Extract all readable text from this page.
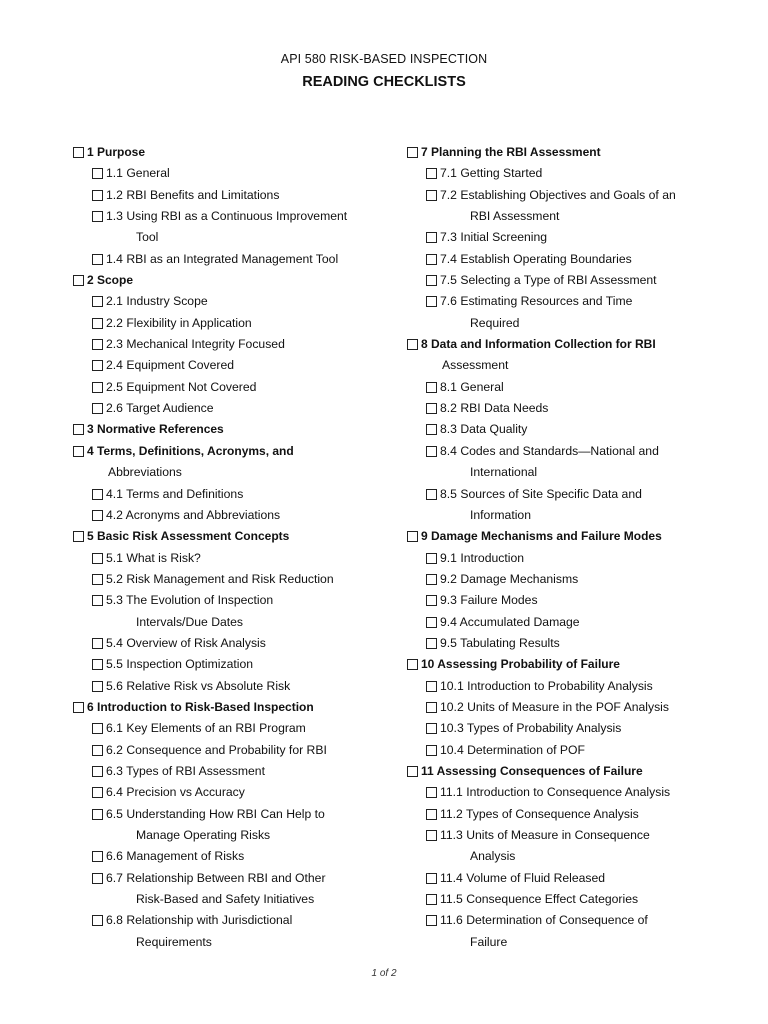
API 580 RISK-BASED INSPECTION
READING CHECKLISTS
1 Purpose
1.1 General
1.2 RBI Benefits and Limitations
1.3 Using RBI as a Continuous Improvement
Tool
1.4 RBI as an Integrated Management Tool
2 Scope
2.1 Industry Scope
2.2 Flexibility in Application
2.3 Mechanical Integrity Focused
2.4 Equipment Covered
2.5 Equipment Not Covered
2.6 Target Audience
3 Normative References
4 Terms, Definitions, Acronyms, and
Abbreviations
4.1 Terms and Definitions
4.2 Acronyms and Abbreviations
5 Basic Risk Assessment Concepts
5.1 What is Risk?
5.2 Risk Management and Risk Reduction
5.3 The Evolution of Inspection
Intervals/Due Dates
5.4 Overview of Risk Analysis
5.5 Inspection Optimization
5.6 Relative Risk vs Absolute Risk
6 Introduction to Risk-Based Inspection
6.1 Key Elements of an RBI Program
6.2 Consequence and Probability for RBI
6.3 Types of RBI Assessment
6.4 Precision vs Accuracy
6.5 Understanding How RBI Can Help to
Manage Operating Risks
6.6 Management of Risks
6.7 Relationship Between RBI and Other
Risk-Based and Safety Initiatives
6.8 Relationship with Jurisdictional
Requirements
7 Planning the RBI Assessment
7.1 Getting Started
7.2 Establishing Objectives and Goals of an
RBI Assessment
7.3 Initial Screening
7.4 Establish Operating Boundaries
7.5 Selecting a Type of RBI Assessment
7.6 Estimating Resources and Time
Required
8 Data and Information Collection for RBI
Assessment
8.1 General
8.2 RBI Data Needs
8.3 Data Quality
8.4 Codes and Standards—National and
International
8.5 Sources of Site Specific Data and
Information
9 Damage Mechanisms and Failure Modes
9.1 Introduction
9.2 Damage Mechanisms
9.3 Failure Modes
9.4 Accumulated Damage
9.5 Tabulating Results
10 Assessing Probability of Failure
10.1 Introduction to Probability Analysis
10.2 Units of Measure in the POF Analysis
10.3 Types of Probability Analysis
10.4 Determination of POF
11 Assessing Consequences of Failure
11.1 Introduction to Consequence Analysis
11.2 Types of Consequence Analysis
11.3 Units of Measure in Consequence
Analysis
11.4 Volume of Fluid Released
11.5 Consequence Effect Categories
11.6 Determination of Consequence of
Failure
1 of 2
